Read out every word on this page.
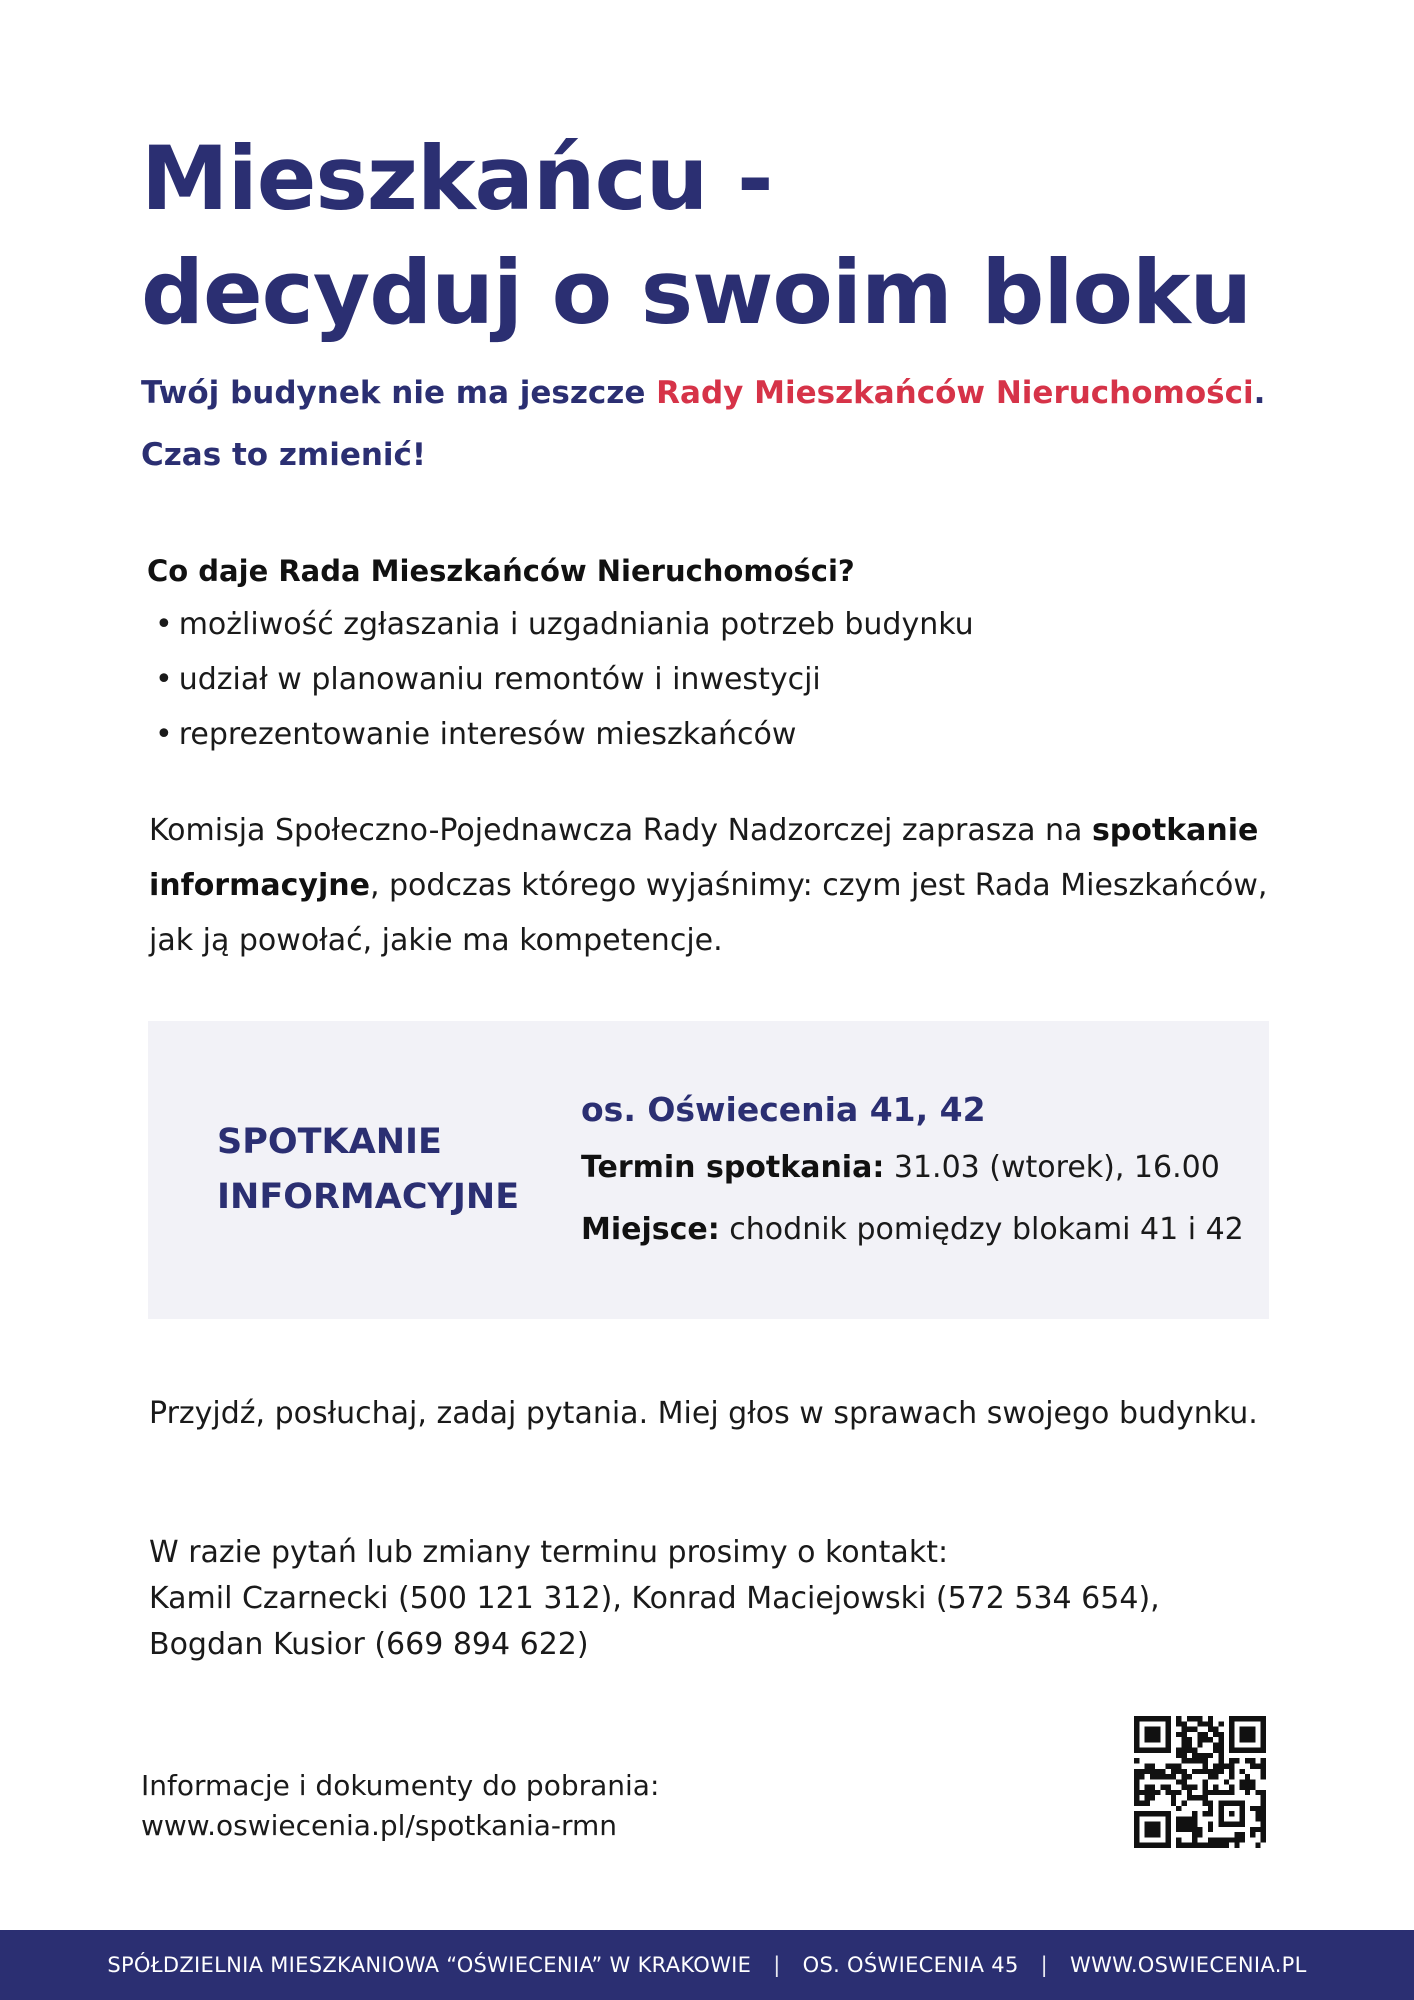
Mieszkańcu -
decyduj o swoim bloku

Twój budynek nie ma jeszcze Rady Mieszkańców Nieruchomości.
Czas to zmienić!

Co daje Rada Mieszkańców Nieruchomości?
• możliwość zgłaszania i uzgadniania potrzeb budynku
• udział w planowaniu remontów i inwestycji
• reprezentowanie interesów mieszkańców

Komisja Społeczno-Pojednawcza Rady Nadzorczej zaprasza na spotkanie
informacyjne, podczas którego wyjaśnimy: czym jest Rada Mieszkańców,
jak ją powołać, jakie ma kompetencje.

SPOTKANIE
INFORMACYJNE

os. Oświecenia 41, 42
Termin spotkania: 31.03 (wtorek), 16.00
Miejsce: chodnik pomiędzy blokami 41 i 42

Przyjdź, posłuchaj, zadaj pytania. Miej głos w sprawach swojego budynku.

W razie pytań lub zmiany terminu prosimy o kontakt:
Kamil Czarnecki (500 121 312), Konrad Maciejowski (572 534 654),
Bogdan Kusior (669 894 622)

Informacje i dokumenty do pobrania:
www.oswiecenia.pl/spotkania-rmn

SPÓŁDZIELNIA MIESZKANIOWA “OŚWIECENIA” W KRAKOWIE | OS. OŚWIECENIA 45 | WWW.OSWIECENIA.PL
